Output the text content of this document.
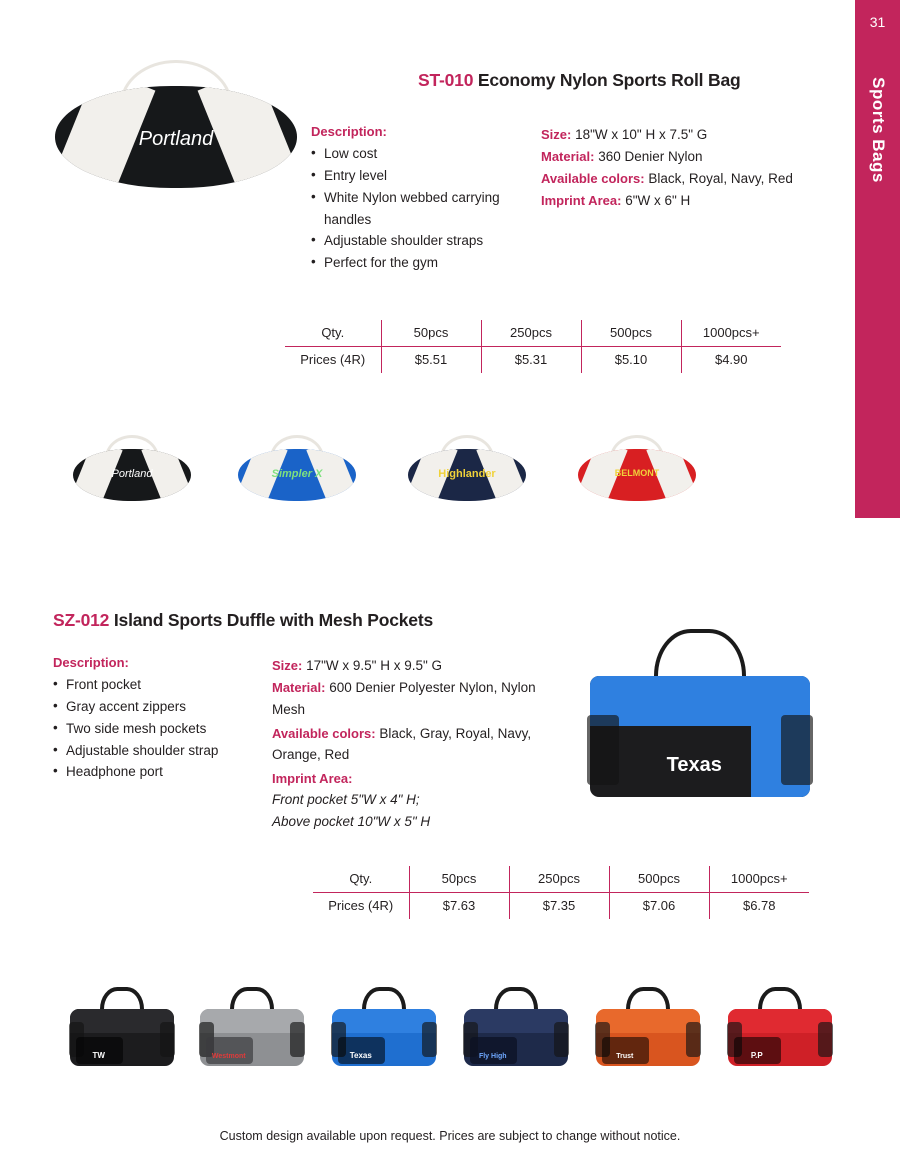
31
Sports Bags
Portland
ST-010 Economy Nylon Sports Roll Bag
Description:
• Low cost
• Entry level
• White Nylon webbed carrying handles
• Adjustable shoulder straps
• Perfect for the gym
Size: 18"W x 10" H x 7.5" G
Material: 360 Denier Nylon
Available colors: Black, Royal, Navy, Red
Imprint Area: 6"W x 6" H
Qty.	50pcs	250pcs	500pcs	1000pcs+
Prices (4R)	$5.51	$5.31	$5.10	$4.90
Portland	Simpler X	Highlander	BELMONT
SZ-012 Island Sports Duffle with Mesh Pockets
Description:
• Front pocket
• Gray accent zippers
• Two side mesh pockets
• Adjustable shoulder strap
• Headphone port
Size: 17"W x 9.5" H x 9.5" G
Material: 600 Denier Polyester Nylon, Nylon Mesh
Available colors: Black, Gray, Royal, Navy, Orange, Red
Imprint Area:
Front pocket 5"W x 4" H;
Above pocket 10"W x 5" H
Texas
Qty.	50pcs	250pcs	500pcs	1000pcs+
Prices (4R)	$7.63	$7.35	$7.06	$6.78
TW	Westmont	Texas	Fly High	Trust	P.P
Custom design available upon request. Prices are subject to change without notice.
